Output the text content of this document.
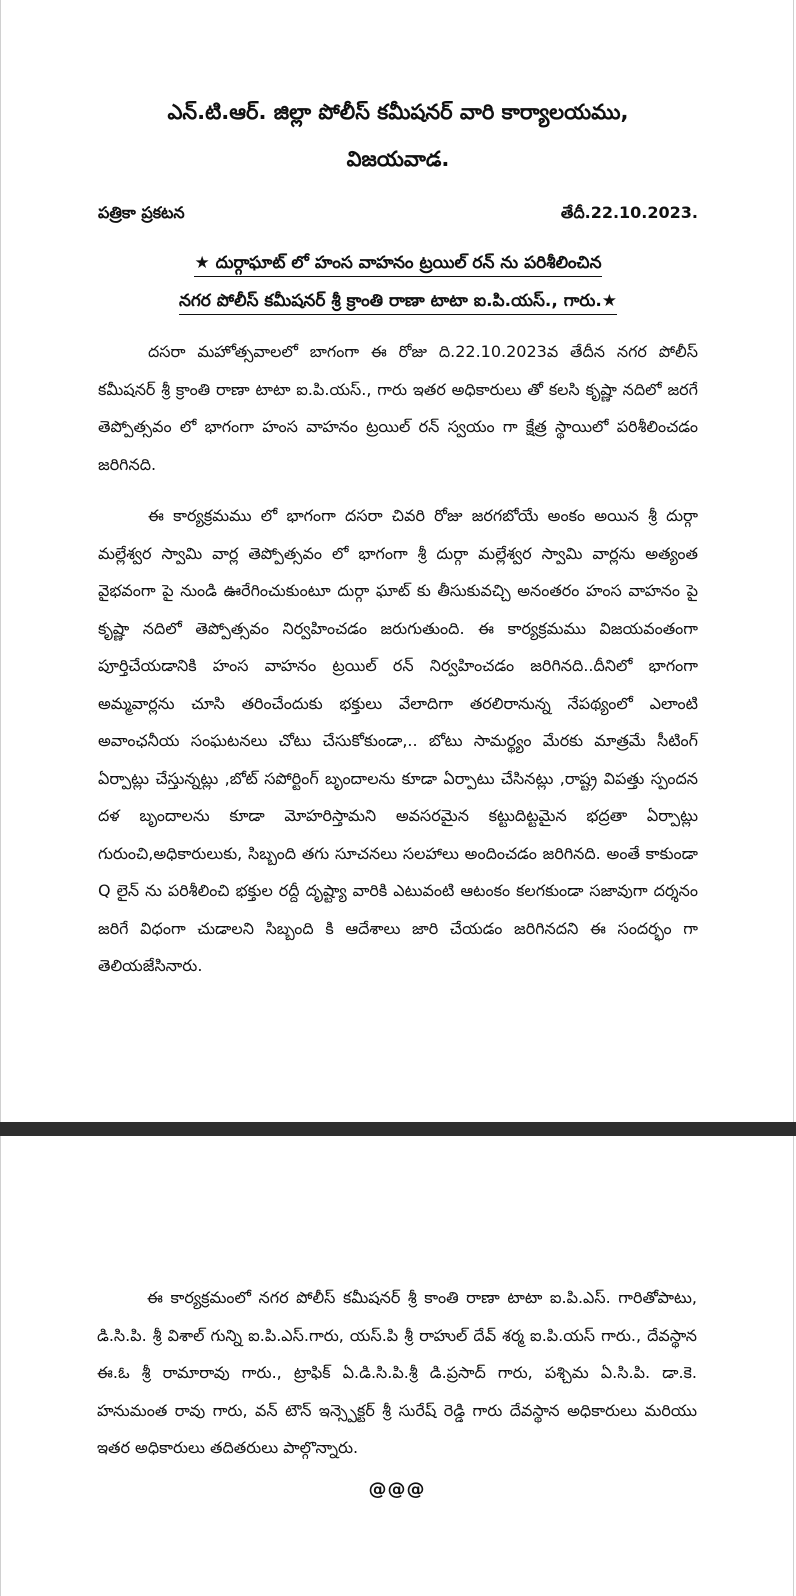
ఎన్.టి.ఆర్. జిల్లా పోలీస్ కమీషనర్ వారి కార్యాలయము,
విజయవాడ.
పత్రికా ప్రకటన	తేదీ.22.10.2023.
★ దుర్గాఘాట్ లో హంస వాహనం ట్రయిల్ రన్ ను పరిశీలించిన
నగర పోలీస్ కమీషనర్ శ్రీ క్రాంతి రాణా టాటా ఐ.పి.యస్., గారు.★

దసరా మహోత్సవాలలో బాగంగా ఈ రోజు ది.22.10.2023వ తేదీన నగర పోలీస్ కమీషనర్ శ్రీ క్రాంతి రాణా టాటా ఐ.పి.యస్., గారు ఇతర అధికారులు తో కలసి కృష్ణా నదిలో జరగే తెప్పోత్సవం లో భాగంగా హంస వాహనం ట్రయిల్ రన్ స్వయం గా క్షేత్ర స్థాయిలో పరిశీలించడం జరిగినది.

ఈ కార్యక్రమము లో భాగంగా దసరా చివరి రోజు జరగబోయే అంకం అయిన శ్రీ దుర్గా మల్లేశ్వర స్వామి వార్ల తెప్పోత్సవం లో భాగంగా శ్రీ దుర్గా మల్లేశ్వర స్వామి వార్లను అత్యంత వైభవంగా పై నుండి ఊరేగించుకుంటూ దుర్గా ఘాట్ కు తీసుకువచ్చి అనంతరం హంస వాహనం పై కృష్ణా నదిలో తెప్పోత్సవం నిర్వహించడం జరుగుతుంది. ఈ కార్యక్రమము విజయవంతంగా పూర్తిచేయడానికి హంస వాహనం ట్రయిల్ రన్ నిర్వహించడం జరిగినది..దీనిలో భాగంగా అమ్మవార్లను చూసి తరించేందుకు భక్తులు వేలాదిగా తరలిరానున్న నేపథ్యంలో ఎలాంటి అవాంఛనీయ సంఘటనలు చోటు చేసుకోకుండా,.. బోటు సామర్థ్యం మేరకు మాత్రమే సీటింగ్ ఏర్పాట్లు చేస్తున్నట్లు ,బోట్ సపోర్టింగ్ బృందాలను కూడా ఏర్పాటు చేసినట్లు ,రాష్ట్ర విపత్తు స్పందన దళ బృందాలను కూడా మోహరిస్తామని అవసరమైన కట్టుదిట్టమైన భద్రతా ఏర్పాట్లు గురుంచి,అధికారులుకు, సిబ్బంది తగు సూచనలు సలహాలు అందించడం జరిగినది. అంతే కాకుండా Q లైన్ ను పరిశీలించి భక్తుల రద్దీ దృష్ట్యా వారికి ఎటువంటి ఆటంకం కలగకుండా సజావుగా దర్శనం జరిగే విధంగా చుడాలని సిబ్బంది కి ఆదేశాలు జారి చేయడం జరిగినదని ఈ సందర్భం గా తెలియజేసినారు.

ఈ కార్యక్రమంలో నగర పోలీస్ కమీషనర్ శ్రీ కాంతి రాణా టాటా ఐ.పి.ఎస్. గారితోపాటు, డి.సి.పి. శ్రీ విశాల్ గున్ని ఐ.పి.ఎస్.గారు, యస్.పి శ్రీ రాహుల్ దేవ్ శర్మ ఐ.పి.యస్ గారు., దేవస్థాన ఈ.ఓ శ్రీ రామారావు గారు., ట్రాఫిక్ ఏ.డి.సి.పి.శ్రీ డి.ప్రసాద్ గారు, పశ్చిమ ఏ.సి.పి. డా.కె. హనుమంత రావు గారు, వన్ టౌన్ ఇన్స్పెక్టర్ శ్రీ సురేష్ రెడ్డి గారు దేవస్థాన అధికారులు మరియు ఇతర అధికారులు తదితరులు పాల్గొన్నారు.

@@@
